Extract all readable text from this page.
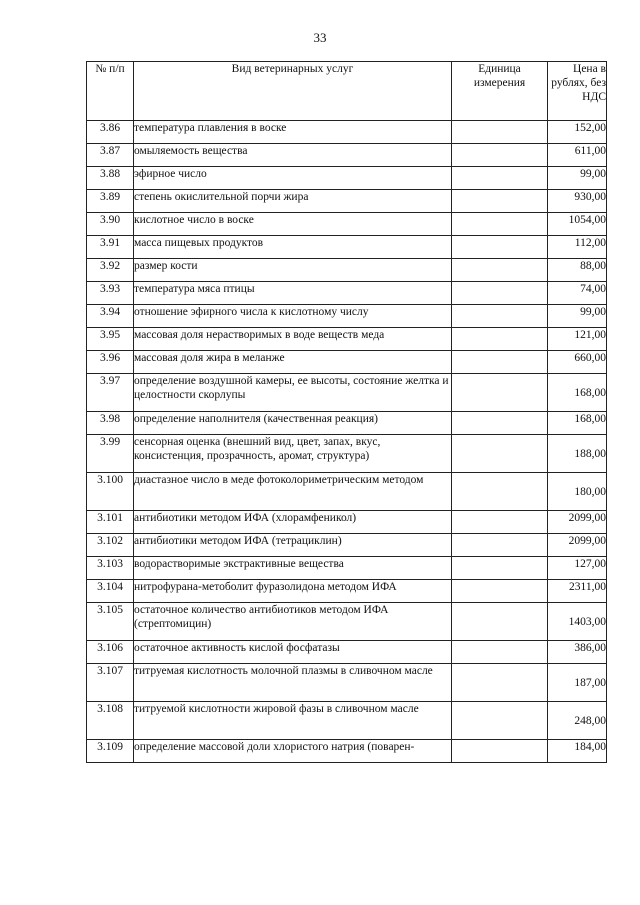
33
№ п/п	Вид ветеринарных услуг	Единица измерения	Цена в рублях, без НДС
3.86	температура плавления в воске		152,00
3.87	омыляемость вещества		611,00
3.88	эфирное число		99,00
3.89	степень окислительной порчи жира		930,00
3.90	кислотное число в воске		1054,00
3.91	масса пищевых продуктов		112,00
3.92	размер кости		88,00
3.93	температура мяса птицы		74,00
3.94	отношение эфирного числа к кислотному числу		99,00
3.95	массовая доля нерастворимых в воде веществ меда		121,00
3.96	массовая доля жира в меланже		660,00
3.97	определение воздушной камеры, ее высоты, состояние желтка и целостности скорлупы		168,00
3.98	определение наполнителя (качественная реакция)		168,00
3.99	сенсорная оценка (внешний вид, цвет, запах, вкус, консистенция, прозрачность, аромат, структура)		188,00
3.100	диастазное число в меде фотоколориметрическим методом		180,00
3.101	антибиотики методом ИФА (хлорамфеникол)		2099,00
3.102	антибиотики методом ИФА (тетрациклин)		2099,00
3.103	водорастворимые экстрактивные вещества		127,00
3.104	нитрофурана-метоболит фуразолидона методом ИФА		2311,00
3.105	остаточное количество антибиотиков методом ИФА (стрептомицин)		1403,00
3.106	остаточное активность кислой фосфатазы		386,00
3.107	титруемая кислотность молочной плазмы в сливочном масле		187,00
3.108	титруемой кислотности жировой фазы в сливочном масле		248,00
3.109	определение массовой доли хлористого натрия (поварен-		184,00
